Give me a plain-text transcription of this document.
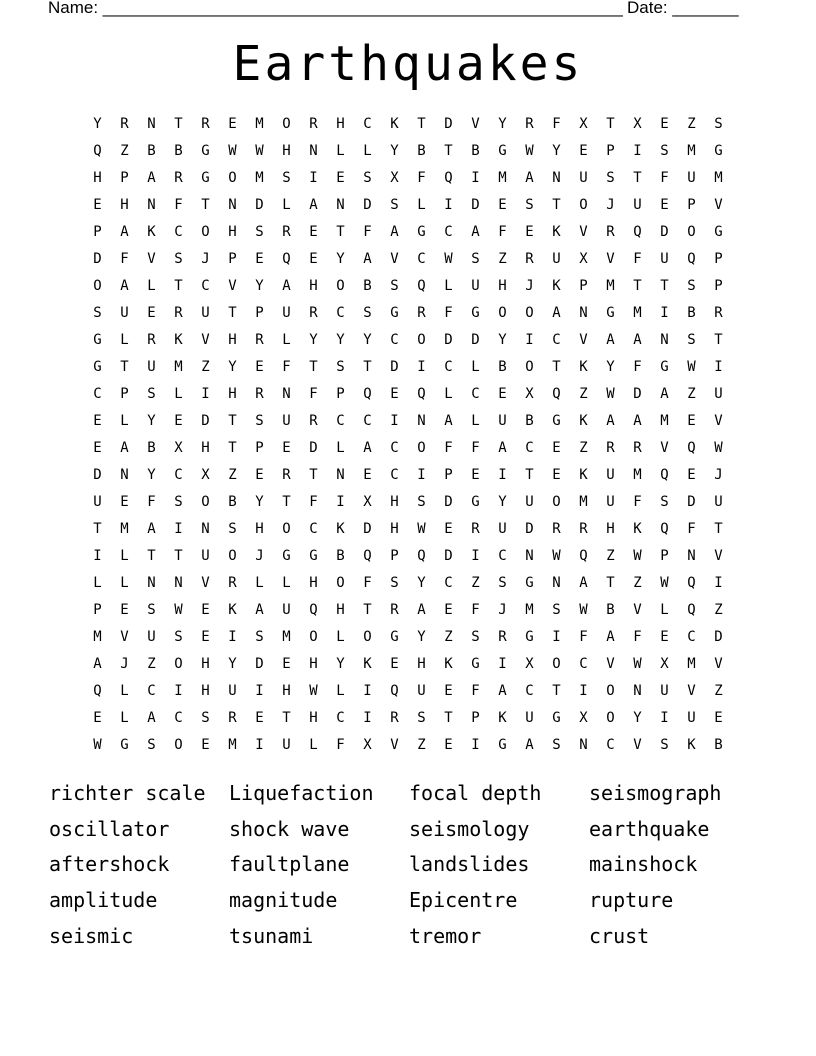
Name: _______________________________________________________ Date: _______
Earthquakes
Y	R	N	T	R	E	M	O	R	H	C	K	T	D	V	Y	R	F	X	T	X	E	Z	S
Q	Z	B	B	G	W	W	H	N	L	L	Y	B	T	B	G	W	Y	E	P	I	S	M	G
H	P	A	R	G	O	M	S	I	E	S	X	F	Q	I	M	A	N	U	S	T	F	U	M
E	H	N	F	T	N	D	L	A	N	D	S	L	I	D	E	S	T	O	J	U	E	P	V
P	A	K	C	O	H	S	R	E	T	F	A	G	C	A	F	E	K	V	R	Q	D	O	G
D	F	V	S	J	P	E	Q	E	Y	A	V	C	W	S	Z	R	U	X	V	F	U	Q	P
O	A	L	T	C	V	Y	A	H	O	B	S	Q	L	U	H	J	K	P	M	T	T	S	P
S	U	E	R	U	T	P	U	R	C	S	G	R	F	G	O	O	A	N	G	M	I	B	R
G	L	R	K	V	H	R	L	Y	Y	Y	C	O	D	D	Y	I	C	V	A	A	N	S	T
G	T	U	M	Z	Y	E	F	T	S	T	D	I	C	L	B	O	T	K	Y	F	G	W	I
C	P	S	L	I	H	R	N	F	P	Q	E	Q	L	C	E	X	Q	Z	W	D	A	Z	U
E	L	Y	E	D	T	S	U	R	C	C	I	N	A	L	U	B	G	K	A	A	M	E	V
E	A	B	X	H	T	P	E	D	L	A	C	O	F	F	A	C	E	Z	R	R	V	Q	W
D	N	Y	C	X	Z	E	R	T	N	E	C	I	P	E	I	T	E	K	U	M	Q	E	J
U	E	F	S	O	B	Y	T	F	I	X	H	S	D	G	Y	U	O	M	U	F	S	D	U
T	M	A	I	N	S	H	O	C	K	D	H	W	E	R	U	D	R	R	H	K	Q	F	T
I	L	T	T	U	O	J	G	G	B	Q	P	Q	D	I	C	N	W	Q	Z	W	P	N	V
L	L	N	N	V	R	L	L	H	O	F	S	Y	C	Z	S	G	N	A	T	Z	W	Q	I
P	E	S	W	E	K	A	U	Q	H	T	R	A	E	F	J	M	S	W	B	V	L	Q	Z
M	V	U	S	E	I	S	M	O	L	O	G	Y	Z	S	R	G	I	F	A	F	E	C	D
A	J	Z	O	H	Y	D	E	H	Y	K	E	H	K	G	I	X	O	C	V	W	X	M	V
Q	L	C	I	H	U	I	H	W	L	I	Q	U	E	F	A	C	T	I	O	N	U	V	Z
E	L	A	C	S	R	E	T	H	C	I	R	S	T	P	K	U	G	X	O	Y	I	U	E
W	G	S	O	E	M	I	U	L	F	X	V	Z	E	I	G	A	S	N	C	V	S	K	B
richter scale	Liquefaction	focal depth	seismograph
oscillator	shock wave	seismology	earthquake
aftershock	faultplane	landslides	mainshock
amplitude	magnitude	Epicentre	rupture
seismic	tsunami	tremor	crust
